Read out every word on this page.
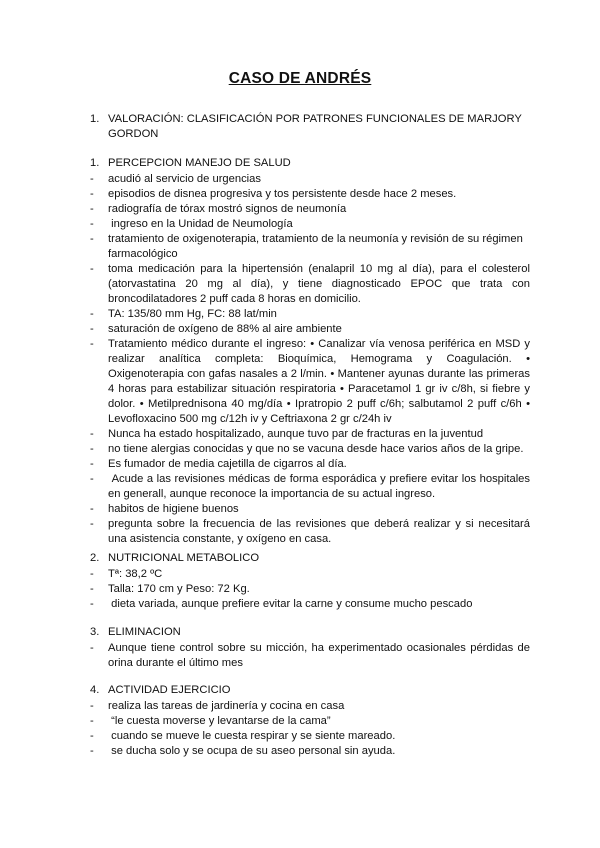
CASO DE ANDRÉS
1. VALORACIÓN: CLASIFICACIÓN POR PATRONES FUNCIONALES DE MARJORY GORDON
1. PERCEPCION MANEJO DE SALUD
-	acudió al servicio de urgencias
-	episodios de disnea progresiva y tos persistente desde hace 2 meses.
-	radiografía de tórax mostró signos de neumonía
-	ingreso en la Unidad de Neumología
-	tratamiento de oxigenoterapia, tratamiento de la neumonía y revisión de su régimen farmacológico
-	toma medicación para la hipertensión (enalapril 10 mg al día), para el colesterol (atorvastatina 20 mg al día), y tiene diagnosticado EPOC que trata con broncodilatadores 2 puff cada 8 horas en domicilio.
-	TA: 135/80 mm Hg, FC: 88 lat/min
-	saturación de oxígeno de 88% al aire ambiente
-	Tratamiento médico durante el ingreso: • Canalizar vía venosa periférica en MSD y realizar analítica completa: Bioquímica, Hemograma y Coagulación. • Oxigenoterapia con gafas nasales a 2 l/min. • Mantener ayunas durante las primeras 4 horas para estabilizar situación respiratoria • Paracetamol 1 gr iv c/8h, si fiebre y dolor. • Metilprednisona 40 mg/día • Ipratropio 2 puff c/6h; salbutamol 2 puff c/6h • Levofloxacino 500 mg c/12h iv y Ceftriaxona 2 gr c/24h iv
-	Nunca ha estado hospitalizado, aunque tuvo par de fracturas en la juventud
-	no tiene alergias conocidas y que no se vacuna desde hace varios años de la gripe.
-	Es fumador de media cajetilla de cigarros al día.
-	Acude a las revisiones médicas de forma esporádica y prefiere evitar los hospitales en generall, aunque reconoce la importancia de su actual ingreso.
-	habitos de higiene buenos
-	pregunta sobre la frecuencia de las revisiones que deberá realizar y si necesitará una asistencia constante, y oxígeno en casa.
2. NUTRICIONAL METABOLICO
-	Tª: 38,2 ºC
-	Talla: 170 cm y Peso: 72 Kg.
-	dieta variada, aunque prefiere evitar la carne y consume mucho pescado
3. ELIMINACION
-	Aunque tiene control sobre su micción, ha experimentado ocasionales pérdidas de orina durante el último mes
4. ACTIVIDAD EJERCICIO
-	realiza las tareas de jardinería y cocina en casa
-	“le cuesta moverse y levantarse de la cama”
-	cuando se mueve le cuesta respirar y se siente mareado.
-	se ducha solo y se ocupa de su aseo personal sin ayuda.
